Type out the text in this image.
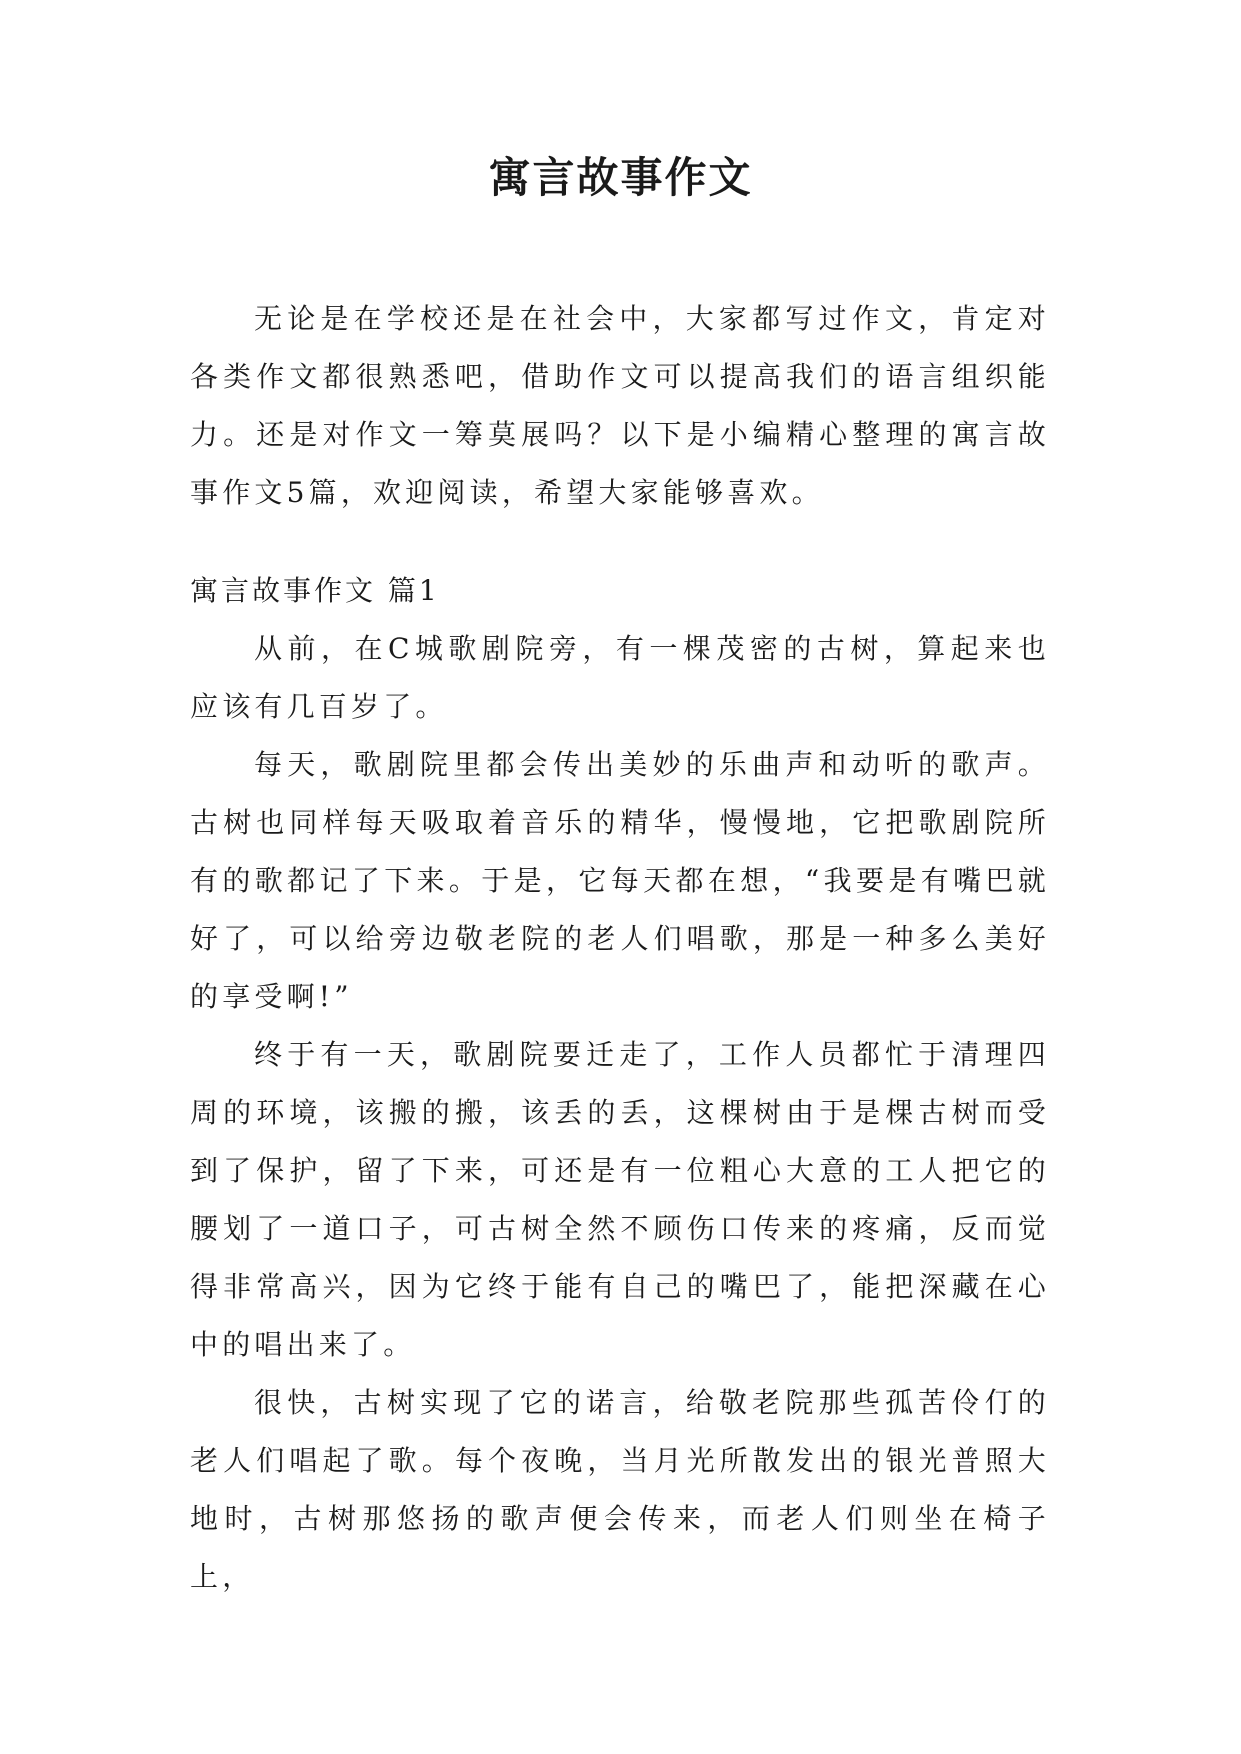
寓言故事作文

无论是在学校还是在社会中，大家都写过作文，肯定对各类作文都很熟悉吧，借助作文可以提高我们的语言组织能力。还是对作文一筹莫展吗？以下是小编精心整理的寓言故事作文5篇，欢迎阅读，希望大家能够喜欢。

寓言故事作文 篇1

从前，在C城歌剧院旁，有一棵茂密的古树，算起来也应该有几百岁了。

每天，歌剧院里都会传出美妙的乐曲声和动听的歌声。古树也同样每天吸取着音乐的精华，慢慢地，它把歌剧院所有的歌都记了下来。于是，它每天都在想，“我要是有嘴巴就好了，可以给旁边敬老院的老人们唱歌，那是一种多么美好的享受啊!”

终于有一天，歌剧院要迁走了，工作人员都忙于清理四周的环境，该搬的搬，该丢的丢，这棵树由于是棵古树而受到了保护，留了下来，可还是有一位粗心大意的工人把它的腰划了一道口子，可古树全然不顾伤口传来的疼痛，反而觉得非常高兴，因为它终于能有自己的嘴巴了，能把深藏在心中的唱出来了。

很快，古树实现了它的诺言，给敬老院那些孤苦伶仃的老人们唱起了歌。每个夜晚，当月光所散发出的银光普照大地时，古树那悠扬的歌声便会传来，而老人们则坐在椅子上，
